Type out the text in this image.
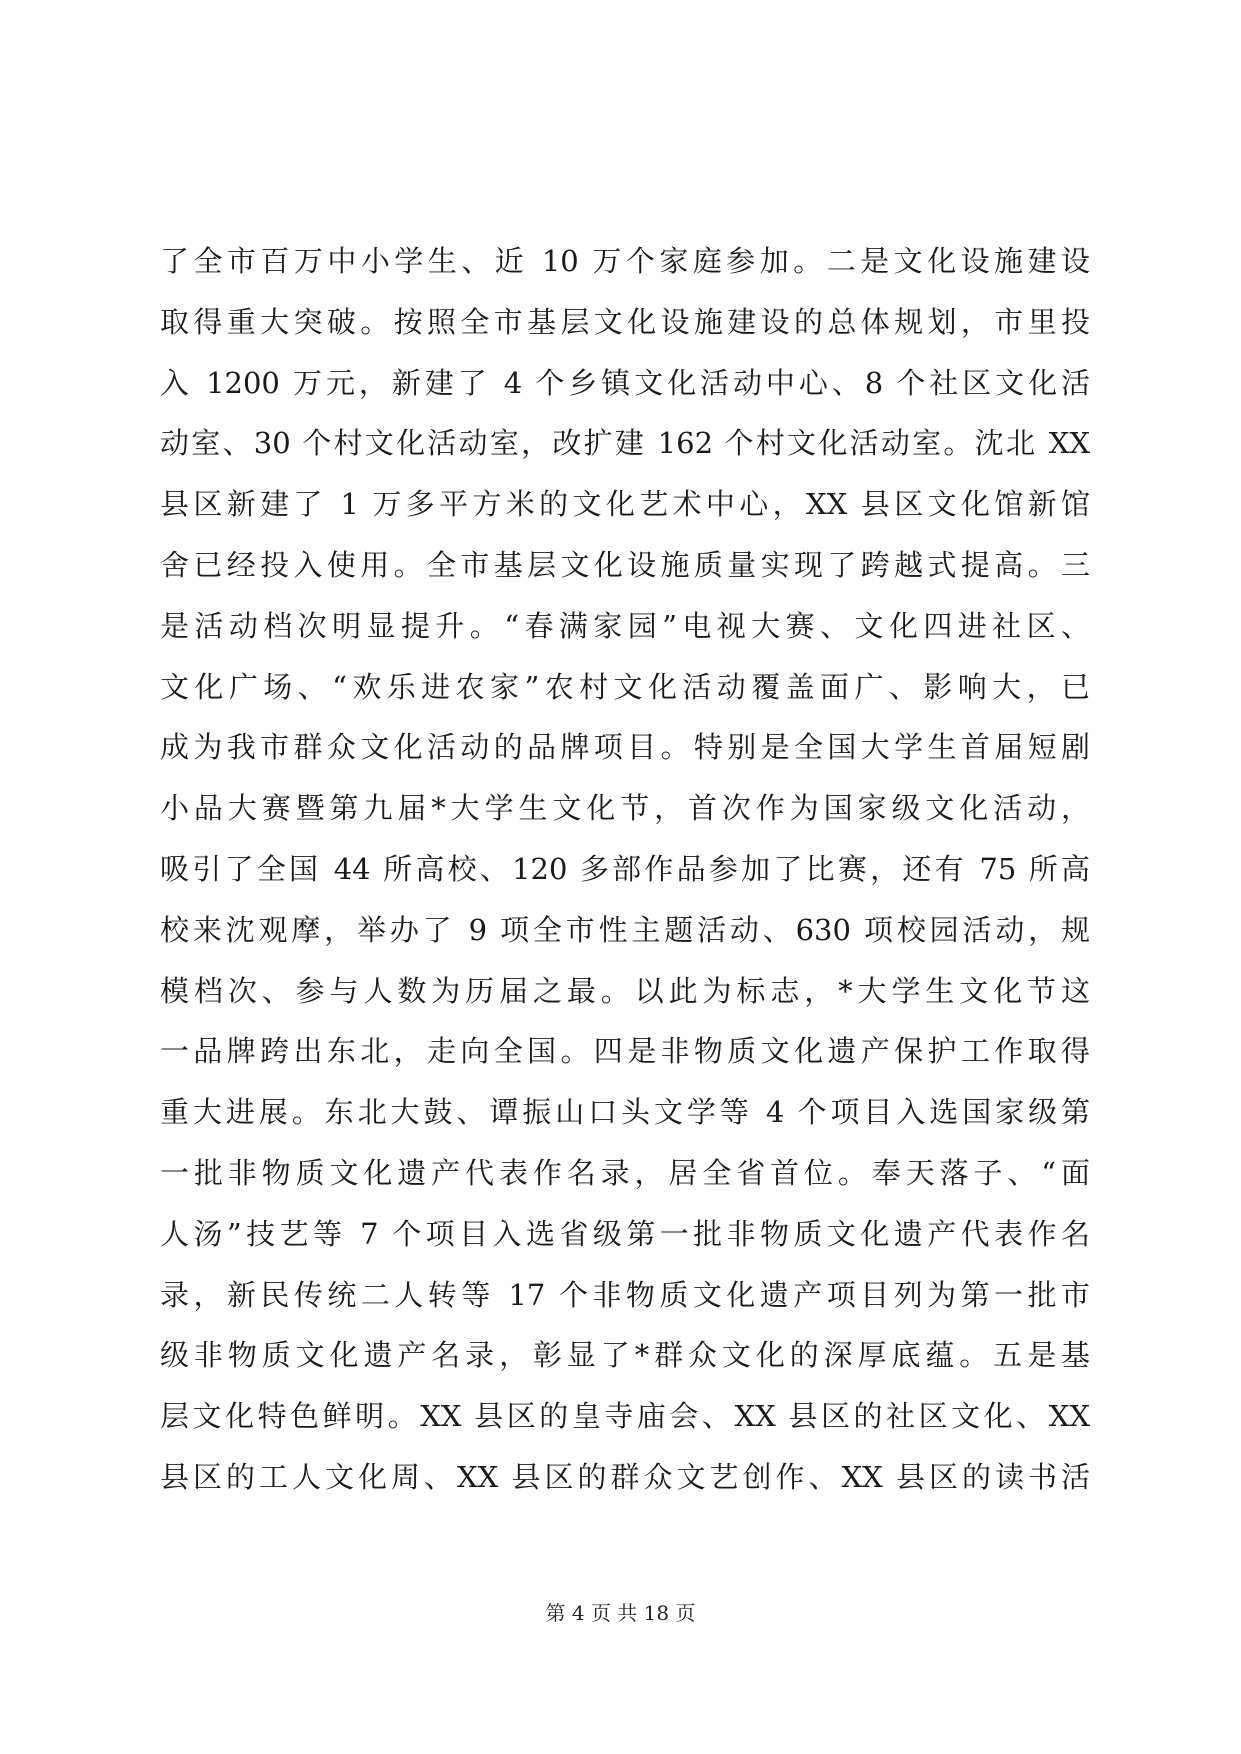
了全市百万中小学生、近 10 万个家庭参加。二是文化设施建设
取得重大突破。按照全市基层文化设施建设的总体规划，市里投
入 1200 万元，新建了 4 个乡镇文化活动中心、8 个社区文化活
动室、30 个村文化活动室，改扩建 162 个村文化活动室。沈北 XX
县区新建了 1 万多平方米的文化艺术中心，XX 县区文化馆新馆
舍已经投入使用。全市基层文化设施质量实现了跨越式提高。三
是活动档次明显提升。“春满家园”电视大赛、文化四进社区、
文化广场、“欢乐进农家”农村文化活动覆盖面广、影响大，已
成为我市群众文化活动的品牌项目。特别是全国大学生首届短剧
小品大赛暨第九届*大学生文化节，首次作为国家级文化活动，
吸引了全国 44 所高校、120 多部作品参加了比赛，还有 75 所高
校来沈观摩，举办了 9 项全市性主题活动、630 项校园活动，规
模档次、参与人数为历届之最。以此为标志，*大学生文化节这
一品牌跨出东北，走向全国。四是非物质文化遗产保护工作取得
重大进展。东北大鼓、谭振山口头文学等 4 个项目入选国家级第
一批非物质文化遗产代表作名录，居全省首位。奉天落子、“面
人汤”技艺等 7 个项目入选省级第一批非物质文化遗产代表作名
录，新民传统二人转等 17 个非物质文化遗产项目列为第一批市
级非物质文化遗产名录，彰显了*群众文化的深厚底蕴。五是基
层文化特色鲜明。XX 县区的皇寺庙会、XX 县区的社区文化、XX
县区的工人文化周、XX 县区的群众文艺创作、XX 县区的读书活
第 4 页 共 18 页
